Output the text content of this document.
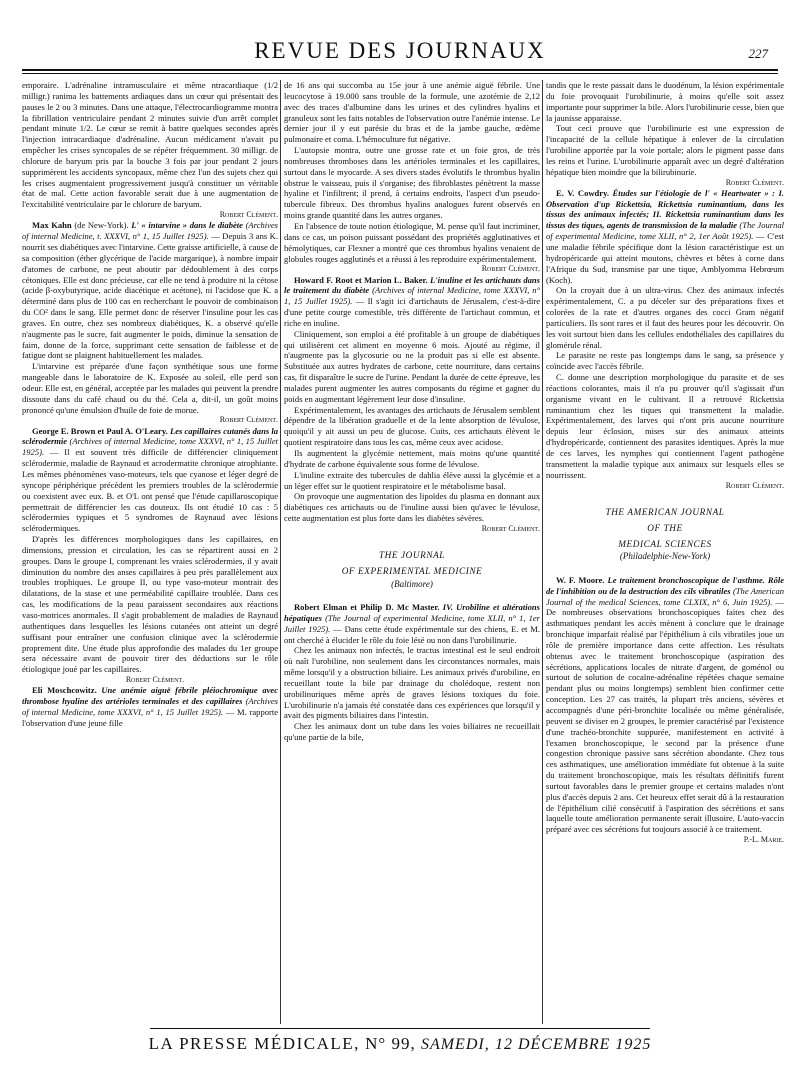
REVUE DES JOURNAUX	227

emporaire. L'adrénaline intramusculaire et même ntracardiaque (1/2 milligr.) ranima les battements ardiaques dans un cœur qui présentait des pauses le 2 ou 3 minutes. Dans une attaque, l'électrocardiogramme montra la fibrillation ventriculaire pendant 2 minutes suivie d'un arrêt complet pendant minute 1/2. Le cœur se remit à battre quelques secondes après l'injection intracardiaque d'adrénaline. Aucun médicament n'avait pu empêcher les crises syncopales de se répéter fréquemment. 30 milligr. de chlorure de baryum pris par la bouche 3 fois par jour pendant 2 jours supprimèrent les accidents syncopaux, même chez l'un des sujets chez qui les crises augmentaient progressivement jusqu'à constituer un véritable état de mal. Cette action favorable serait due à une augmentation de l'excitabilité ventriculaire par le chlorure de baryum.

Robert Clément.

Max Kahn (de New-York). L' « intarvine » dans le diabète (Archives of internal Medicine, t. XXXVI, n° 1, 15 Juillet 1925). — Depuis 3 ans K. nourrit ses diabétiques avec l'intarvine. Cette graisse artificielle, à cause de sa composition (éther glycérique de l'acide margarique), à nombre impair d'atomes de carbone, ne peut aboutir par dédoublement à des corps cétoniques. Elle est donc précieuse, car elle ne tend à produire ni la cétose (acide β-oxybutyrique, acide diacétique et acétone), ni l'acidose que K. a déterminé dans plus de 100 cas en recherchant le pouvoir de combinaison du CO² dans le sang. Elle permet donc de réserver l'insuline pour les cas graves. En outre, chez ses nombreux diabétiques, K. a observé qu'elle n'augmente pas le sucre, fait augmenter le poids, diminue la sensation de faim, donne de la force, supprimant cette sensation de faiblesse et de fatigue dont se plaignent habituellement les malades.

L'intarvine est préparée d'une façon synthétique sous une forme mangeable dans le laboratoire de K. Exposée au soleil, elle perd son odeur. Elle est, en général, acceptée par les malades qui peuvent la prendre dissoute dans du café chaud ou du thé. Cela a, dit-il, un goût moins prononcé qu'une émulsion d'huile de foie de morue.

Robert Clément.

George E. Brown et Paul A. O'Leary. Les capillaires cutanés dans la sclérodermie (Archives of internal Medicine, tome XXXVI, n° 1, 15 Juillet 1925). — Il est souvent très difficile de différencier cliniquement sclérodermie, maladie de Raynaud et acrodermatite chronique atrophiante. Les mêmes phénomènes vaso-moteurs, tels que cyanose et léger degré de syncope périphérique précèdent les premiers troubles de la sclérodermie ou coexistent avec eux. B. et O'L ont pensé que l'étude capillaroscopique permettrait de différencier les cas douteux. Ils ont étudié 10 cas : 5 sclérodermies typiques et 5 syndromes de Raynaud avec lésions sclérodermiques.

D'après les différences morphologiques dans les capillaires, en dimensions, pression et circulation, les cas se répartirent aussi en 2 groupes. Dans le groupe I, comprenant les vraies sclérodermies, il y avait diminution du nombre des anses capillaires à peu près parallèlement aux troubles trophiques. Le groupe II, ou type vaso-moteur montrait des dilatations, de la stase et une perméabilité capillaire troublée. Dans ces cas, les modifications de la peau paraissent secondaires aux réactions vaso-motrices anormales. Il s'agit probablement de maladies de Raynaud authentiques dans lesquelles les lésions cutanées ont atteint un degré suffisant pour entraîner une confusion clinique avec la sclérodermie proprement dite. Une étude plus approfondie des malades du 1er groupe sera nécessaire avant de pouvoir tirer des déductions sur le rôle étiologique joué par les capillaires.

Robert Clément.

Eli Moschcowitz. Une anémie aiguë fébrile pléiochromique avec thrombose hyaline des artérioles terminales et des capillaires (Archives of internal Medicine, tome XXXVI, n° 1, 15 Juillet 1925). — M. rapporte l'observation d'une jeune fille

de 16 ans qui succomba au 15e jour à une anémie aiguë fébrile. Une leucocytose à 19.000 sans trouble de la formule, une azotémie de 2,12 avec des traces d'albumine dans les urines et des cylindres hyalins et granuleux sont les faits notables de l'observation outre l'anémie intense. Le dernier jour il y eut parésie du bras et de la jambe gauche, œdème pulmonaire et coma. L'hémoculture fut négative.

L'autopsie montra, outre une grosse rate et un foie gros, de très nombreuses thromboses dans les artérioles terminales et les capillaires, surtout dans le myocarde. A ses divers stades évolutifs le thrombus hyalin obstrue le vaisseau, puis il s'organise; des fibroblastes pénètrent la masse hyaline et l'infiltrent; il prend, à certains endroits, l'aspect d'un pseudo-tubercule fibreux. Des thrombus hyalins analogues furent observés en moins grande quantité dans les autres organes.

En l'absence de toute notion étiologique, M. pense qu'il faut incriminer, dans ce cas, un poison puissant possédant des propriétés agglutinatives et hémolytiques, car Flexner a montré que ces thrombus hyalins venaient de globules rouges agglutinés et a réussi à les reproduire expérimentalement.

Robert Clément.

Howard F. Root et Marion L. Baker. L'inuline et les artichauts dans le traitement du diabète (Archives of internal Medicine, tome XXXVI, n° 1, 15 Juillet 1925). — Il s'agit ici d'artichauts de Jérusalem, c'est-à-dire d'une petite courge comestible, très différente de l'artichaut commun, et riche en inuline.

Cliniquement, son emploi a été profitable à un groupe de diabétiques qui utilisèrent cet aliment en moyenne 6 mois. Ajouté au régime, il n'augmente pas la glycosurie ou ne la produit pas si elle est absente. Substituée aux autres hydrates de carbone, cette nourriture, dans certains cas, fit disparaître le sucre de l'urine. Pendant la durée de cette épreuve, les malades purent augmenter les autres composants du régime et gagner du poids en augmentant légèrement leur dose d'insuline.

Expérimentalement, les avantages des artichauts de Jérusalem semblent dépendre de la libération graduelle et de la lente absorption de lévulose, quoiqu'il y ait aussi un peu de glucose. Cuits, ces artichauts élèvent le quotient respiratoire dans tous les cas, même ceux avec acidose.

Ils augmentent la glycémie nettement, mais moins qu'une quantité d'hydrate de carbone équivalente sous forme de lévulose.

L'inuline extraite des tubercules de dahlia élève aussi la glycémie et a un léger effet sur le quotient respiratoire et le métabolisme basal.

On provoque une augmentation des lipoïdes du plasma en donnant aux diabétiques ces artichauts ou de l'inuline aussi bien qu'avec le lévulose, cette augmentation est plus forte dans les diabètes sévères.

Robert Clément.

THE JOURNAL
OF EXPERIMENTAL MEDICINE
(Baltimore)

Robert Elman et Philip D. Mc Master. IV. Urobiline et altérations hépatiques (The Journal of experimental Medicine, tome XLII, n° 1, 1er Juillet 1925). — Dans cette étude expérimentale sur des chiens, E. et M. ont cherché à élucider le rôle du foie lésé ou non dans l'urobilinurie.

Chez les animaux non infectés, le tractus intestinal est le seul endroit où naît l'urobiline, non seulement dans les circonstances normales, mais même lorsqu'il y a obstruction biliaire. Les animaux privés d'urobiline, en recueillant toute la bile par drainage du cholédoque, restent non urobilinuriques même après de graves lésions toxiques du foie. L'urobilinurie n'a jamais été constatée dans ces expériences que lorsqu'il y avait des pigments biliaires dans l'intestin.

Chez les animaux dont un tube dans les voies biliaires ne recueillait qu'une partie de la bile,

tandis que le reste passait dans le duodénum, la lésion expérimentale du foie provoquait l'urobilinurie, à moins qu'elle soit assez importante pour supprimer la bile. Alors l'urobilinurie cesse, bien que la jaunisse apparaisse.

Tout ceci prouve que l'urobilinurie est une expression de l'incapacité de la cellule hépatique à enlever de la circulation l'urobiline apportée par la voie portale; alors le pigment passe dans les reins et l'urine. L'urobilinurie apparaît avec un degré d'altération hépatique bien moindre que la bilirubinurie.

Robert Clément.

E. V. Cowdry. Études sur l'étiologie de l' « Heartwater » : I. Observation d'up Rickettsia, Rickettsia ruminantium, dans les tissus des animaux infectés; II. Rickettsia ruminantium dans les tissus des tiques, agents de transmission de la maladie (The Journal of experimental Medicine, tome XLII, n° 2, 1er Août 1925). — C'est une maladie fébrile spécifique dont la lésion caractéristique est un hydropéricarde qui atteint moutons, chèvres et bêtes à corne dans l'Afrique du Sud, transmise par une tique, Amblyomma Hebrœum (Koch).

On la croyait due à un ultra-virus. Chez des animaux infectés expérimentalement, C. a pu déceler sur des préparations fixes et colorées de la rate et d'autres organes des cocci Gram négatif particuliers. Ils sont rares et il faut des heures pour les découvrir. On les voit surtout bien dans les cellules endothéliales des capillaires du glomérule rénal.

Le parasite ne reste pas longtemps dans le sang, sa présence y coïncide avec l'accès fébrile.

C. donne une description morphologique du parasite et de ses réactions colorantes, mais il n'a pu prouver qu'il s'agissait d'un organisme vivant en le cultivant. Il a retrouvé Rickettsia ruminantium chez les tiques qui transmettent la maladie. Expérimentalement, des larves qui n'ont pris aucune nourriture depuis leur éclosion, mises sur des animaux atteints d'hydropéricarde, contiennent des parasites identiques. Après la mue de ces larves, les nymphes qui contiennent l'agent pathogène transmettent la maladie typique aux animaux sur lesquels elles se nourrissent.

Robert Clément.

THE AMERICAN JOURNAL
OF THE
MEDICAL SCIENCES
(Philadelphie-New-York)

W. F. Moore. Le traitement bronchoscopique de l'asthme. Rôle de l'inhibition ou de la destruction des cils vibratiles (The American Journal of the medical Sciences, tome CLXIX, n° 6, Juin 1925). — De nombreuses observations bronchoscopiques faites chez des asthmatiques pendant les accès mènent à conclure que le drainage bronchique imparfait réalisé par l'épithélium à cils vibratiles joue un rôle de première importance dans cette affection. Les résultats obtenus avec le traitement bronchoscopique (aspiration des sécrétions, applications locales de nitrate d'argent, de goménol ou surtout de solution de cocaïne-adrénaline répétées chaque semaine pendant plus ou moins longtemps) semblent bien confirmer cette conception. Les 27 cas traités, la plupart très anciens, sévères et accompagnés d'une péri-bronchite localisée ou même généralisée, peuvent se diviser en 2 groupes, le premier caractérisé par l'existence d'une trachéo-bronchite suppurée, manifestement en activité à l'examen bronchoscopique, le second par la présence d'une congestion chronique passive sans sécrétion abondante. Chez tous ces asthmatiques, une amélioration immédiate fut obtenue à la suite du traitement bronchoscopique, mais les résultats définitifs furent surtout favorables dans le premier groupe et certains malades n'ont plus d'accès depuis 2 ans. Cet heureux effet serait dû à la restauration de l'épithélium cilié consécutif à l'aspiration des sécrétions et sans laquelle toute amélioration permanente serait illusoire. L'auto-vaccin préparé avec ces sécrétions fut toujours associé à ce traitement.

P.-L. Marie.

LA PRESSE MÉDICALE, N° 99, SAMEDI, 12 DÉCEMBRE 1925
